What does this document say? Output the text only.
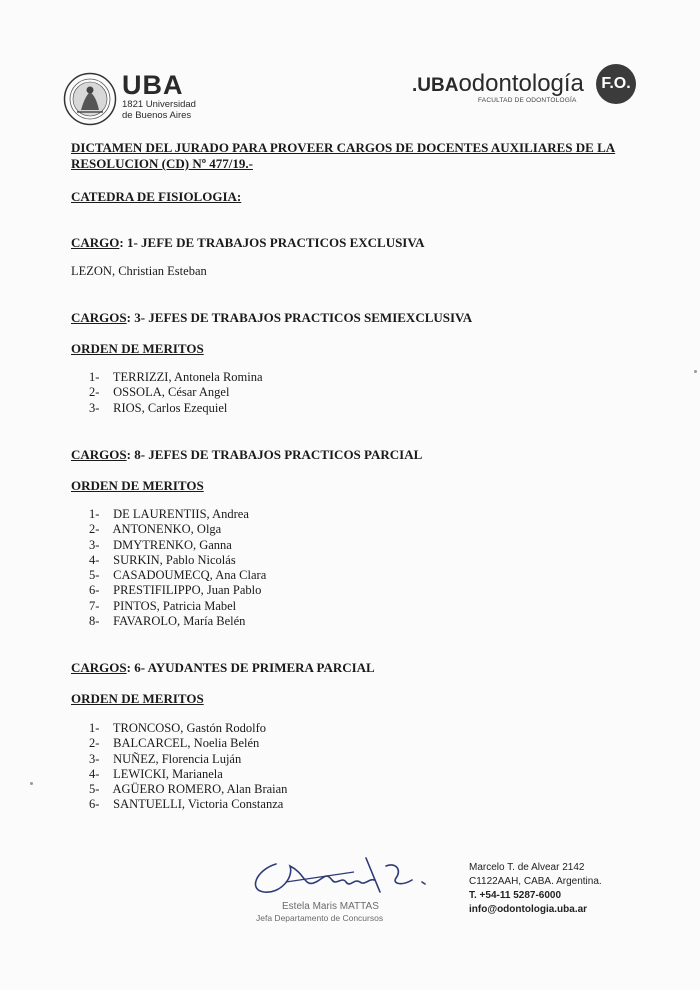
UBA
1821 Universidad
de Buenos Aires
.UBAodontología
FACULTAD DE ODONTOLOGÍA
F.O.
DICTAMEN DEL JURADO PARA PROVEER CARGOS DE DOCENTES AUXILIARES DE LA RESOLUCION (CD) Nº 477/19.-
CATEDRA DE FISIOLOGIA:
CARGO: 1- JEFE DE TRABAJOS PRACTICOS EXCLUSIVA
LEZON, Christian Esteban
CARGOS: 3- JEFES DE TRABAJOS PRACTICOS SEMIEXCLUSIVA
ORDEN DE MERITOS
1- TERRIZZI, Antonela Romina
2- OSSOLA, César Angel
3- RIOS, Carlos Ezequiel
CARGOS: 8- JEFES DE TRABAJOS PRACTICOS PARCIAL
ORDEN DE MERITOS
1- DE LAURENTIIS, Andrea
2- ANTONENKO, Olga
3- DMYTRENKO, Ganna
4- SURKIN, Pablo Nicolás
5- CASADOUMECQ, Ana Clara
6- PRESTIFILIPPO, Juan Pablo
7- PINTOS, Patricia Mabel
8- FAVAROLO, María Belén
CARGOS: 6- AYUDANTES DE PRIMERA PARCIAL
ORDEN DE MERITOS
1- TRONCOSO, Gastón Rodolfo
2- BALCARCEL, Noelia Belén
3- NUÑEZ, Florencia Luján
4- LEWICKI, Marianela
5- AGÜERO ROMERO, Alan Braian
6- SANTUELLI, Victoria Constanza
Estela Maris MATTAS
Jefa Departamento de Concursos
Marcelo T. de Alvear 2142
C1122AAH, CABA. Argentina.
T. +54-11 5287-6000
info@odontologia.uba.ar
